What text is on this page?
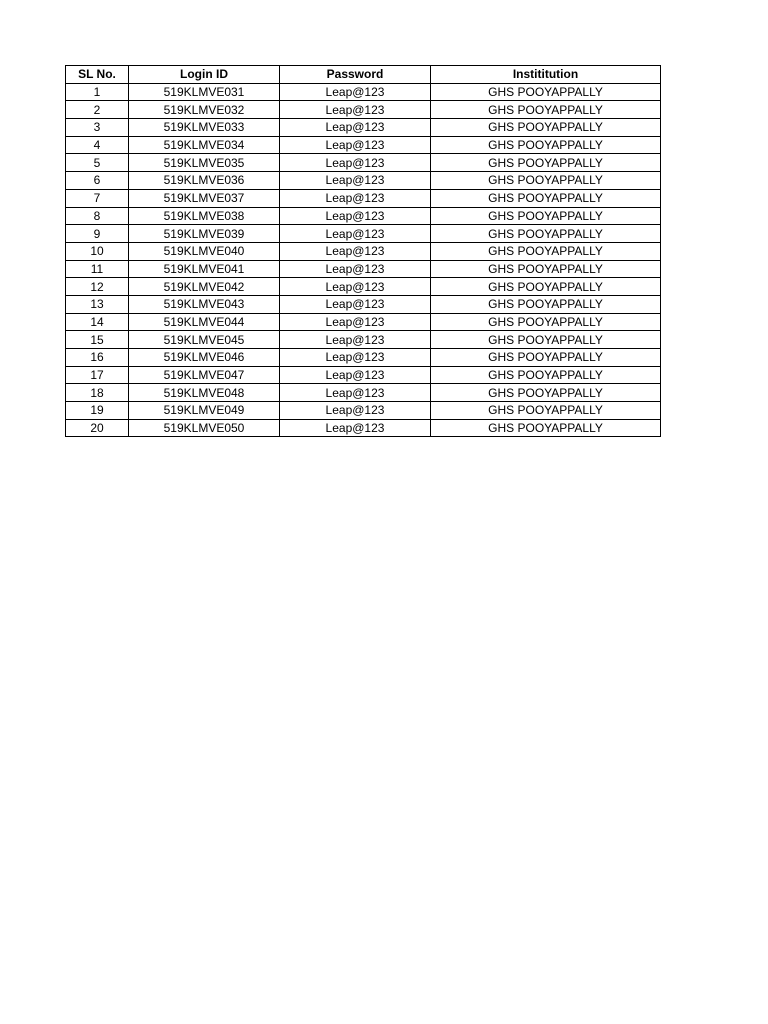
SL No.	Login ID	Password	Instititution
1	519KLMVE031	Leap@123	GHS POOYAPPALLY
2	519KLMVE032	Leap@123	GHS POOYAPPALLY
3	519KLMVE033	Leap@123	GHS POOYAPPALLY
4	519KLMVE034	Leap@123	GHS POOYAPPALLY
5	519KLMVE035	Leap@123	GHS POOYAPPALLY
6	519KLMVE036	Leap@123	GHS POOYAPPALLY
7	519KLMVE037	Leap@123	GHS POOYAPPALLY
8	519KLMVE038	Leap@123	GHS POOYAPPALLY
9	519KLMVE039	Leap@123	GHS POOYAPPALLY
10	519KLMVE040	Leap@123	GHS POOYAPPALLY
11	519KLMVE041	Leap@123	GHS POOYAPPALLY
12	519KLMVE042	Leap@123	GHS POOYAPPALLY
13	519KLMVE043	Leap@123	GHS POOYAPPALLY
14	519KLMVE044	Leap@123	GHS POOYAPPALLY
15	519KLMVE045	Leap@123	GHS POOYAPPALLY
16	519KLMVE046	Leap@123	GHS POOYAPPALLY
17	519KLMVE047	Leap@123	GHS POOYAPPALLY
18	519KLMVE048	Leap@123	GHS POOYAPPALLY
19	519KLMVE049	Leap@123	GHS POOYAPPALLY
20	519KLMVE050	Leap@123	GHS POOYAPPALLY
